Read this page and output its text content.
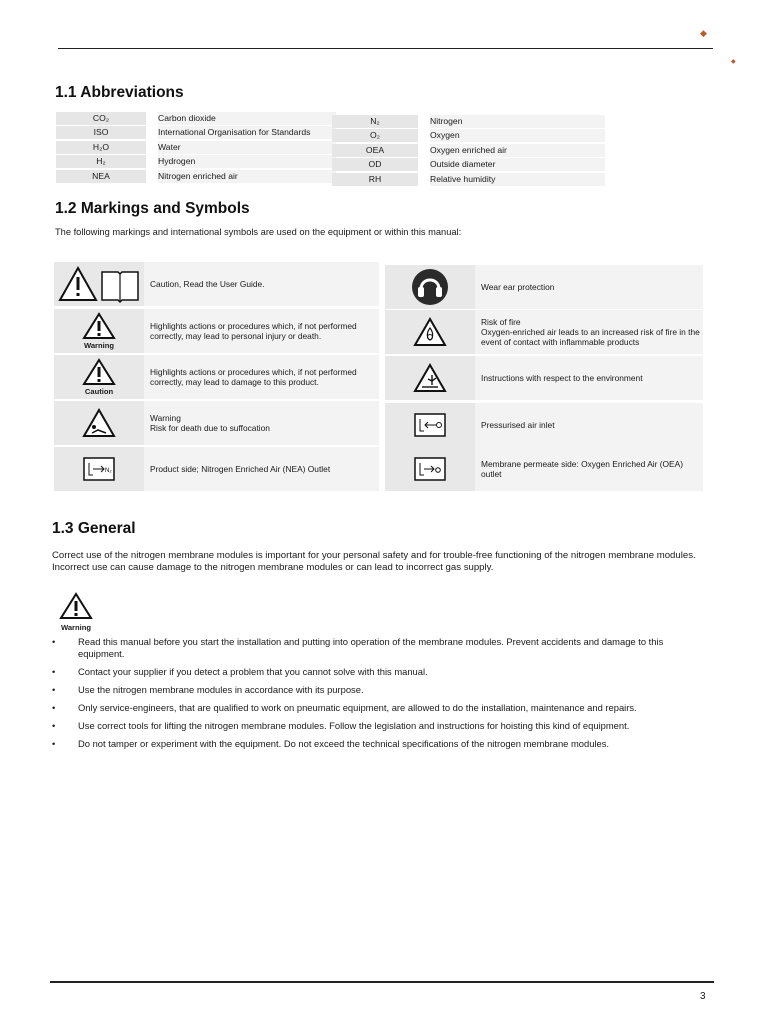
◆
◆
1.1 Abbreviations
CO₂	Carbon dioxide
ISO	International Organisation for Standards
H₂O	Water
H₂	Hydrogen
NEA	Nitrogen enriched air
N₂	Nitrogen
O₂	Oxygen
OEA	Oxygen enriched air
OD	Outside diameter
RH	Relative humidity
1.2 Markings and Symbols
The following markings and international symbols are used on the equipment or within this manual:
Caution, Read the User Guide.
Warning
Highlights actions or procedures which, if not performed correctly, may lead to personal injury or death.
Caution
Highlights actions or procedures which, if not performed correctly, may lead to damage to this product.
Warning
Risk for death due to suffocation
N₂	Product side; Nitrogen Enriched Air (NEA) Outlet
Wear ear protection
Risk of fire
Oxygen-enriched air leads to an increased risk of fire in the event of contact with inflammable products
Instructions with respect to the environment
Pressurised air inlet
Membrane permeate side: Oxygen Enriched Air (OEA) outlet
1.3 General
Correct use of the nitrogen membrane modules is important for your personal safety and for trouble-free functioning of the nitrogen membrane modules. Incorrect use can cause damage to the nitrogen membrane modules or can lead to incorrect gas supply.
Warning
• Read this manual before you start the installation and putting into operation of the membrane modules. Prevent accidents and damage to this equipment.
• Contact your supplier if you detect a problem that you cannot solve with this manual.
• Use the nitrogen membrane modules in accordance with its purpose.
• Only service-engineers, that are qualified to work on pneumatic equipment, are allowed to do the installation, maintenance and repairs.
• Use correct tools for lifting the nitrogen membrane modules. Follow the legislation and instructions for hoisting this kind of equipment.
• Do not tamper or experiment with the equipment. Do not exceed the technical specifications of the nitrogen membrane modules.
3
